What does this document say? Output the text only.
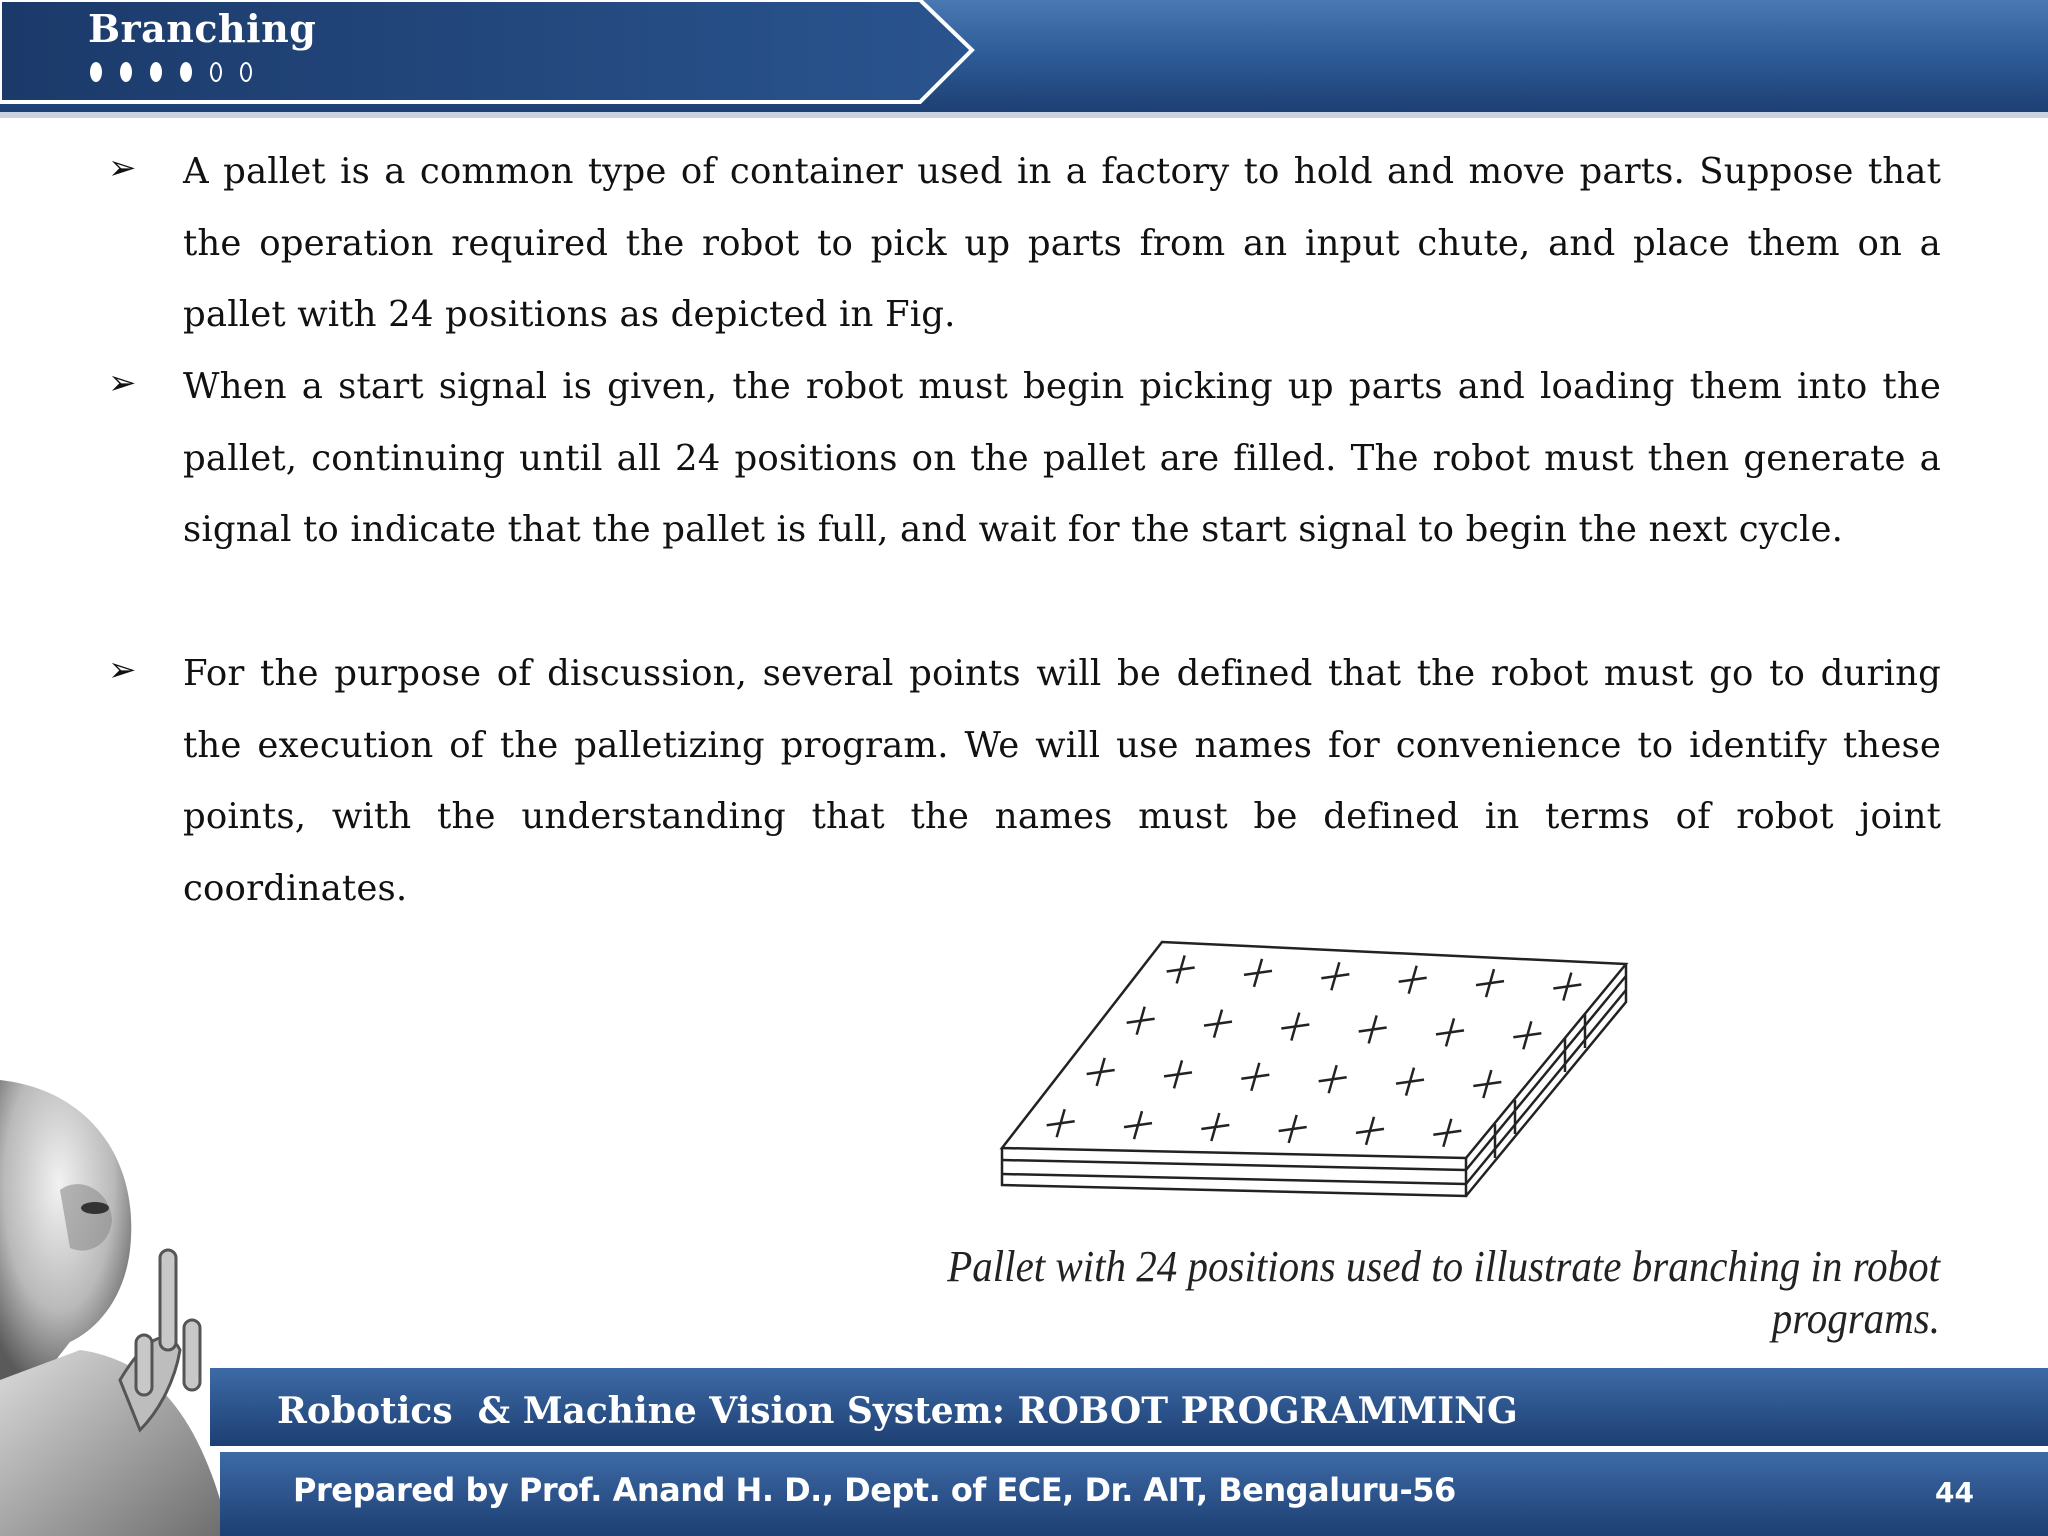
Branching
➢ A pallet is a common type of container used in a factory to hold and move parts. Suppose that the operation required the robot to pick up parts from an input chute, and place them on a pallet with 24 positions as depicted in Fig.
➢ When a start signal is given, the robot must begin picking up parts and loading them into the pallet, continuing until all 24 positions on the pallet are filled. The robot must then generate a signal to indicate that the pallet is full, and wait for the start signal to begin the next cycle.
➢ For the purpose of discussion, several points will be defined that the robot must go to during the execution of the palletizing program. We will use names for convenience to identify these points, with the understanding that the names must be defined in terms of robot joint coordinates.
Pallet with 24 positions used to illustrate branching in robot programs.
Robotics  & Machine Vision System: ROBOT PROGRAMMING
Prepared by Prof. Anand H. D., Dept. of ECE, Dr. AIT, Bengaluru-56	44
